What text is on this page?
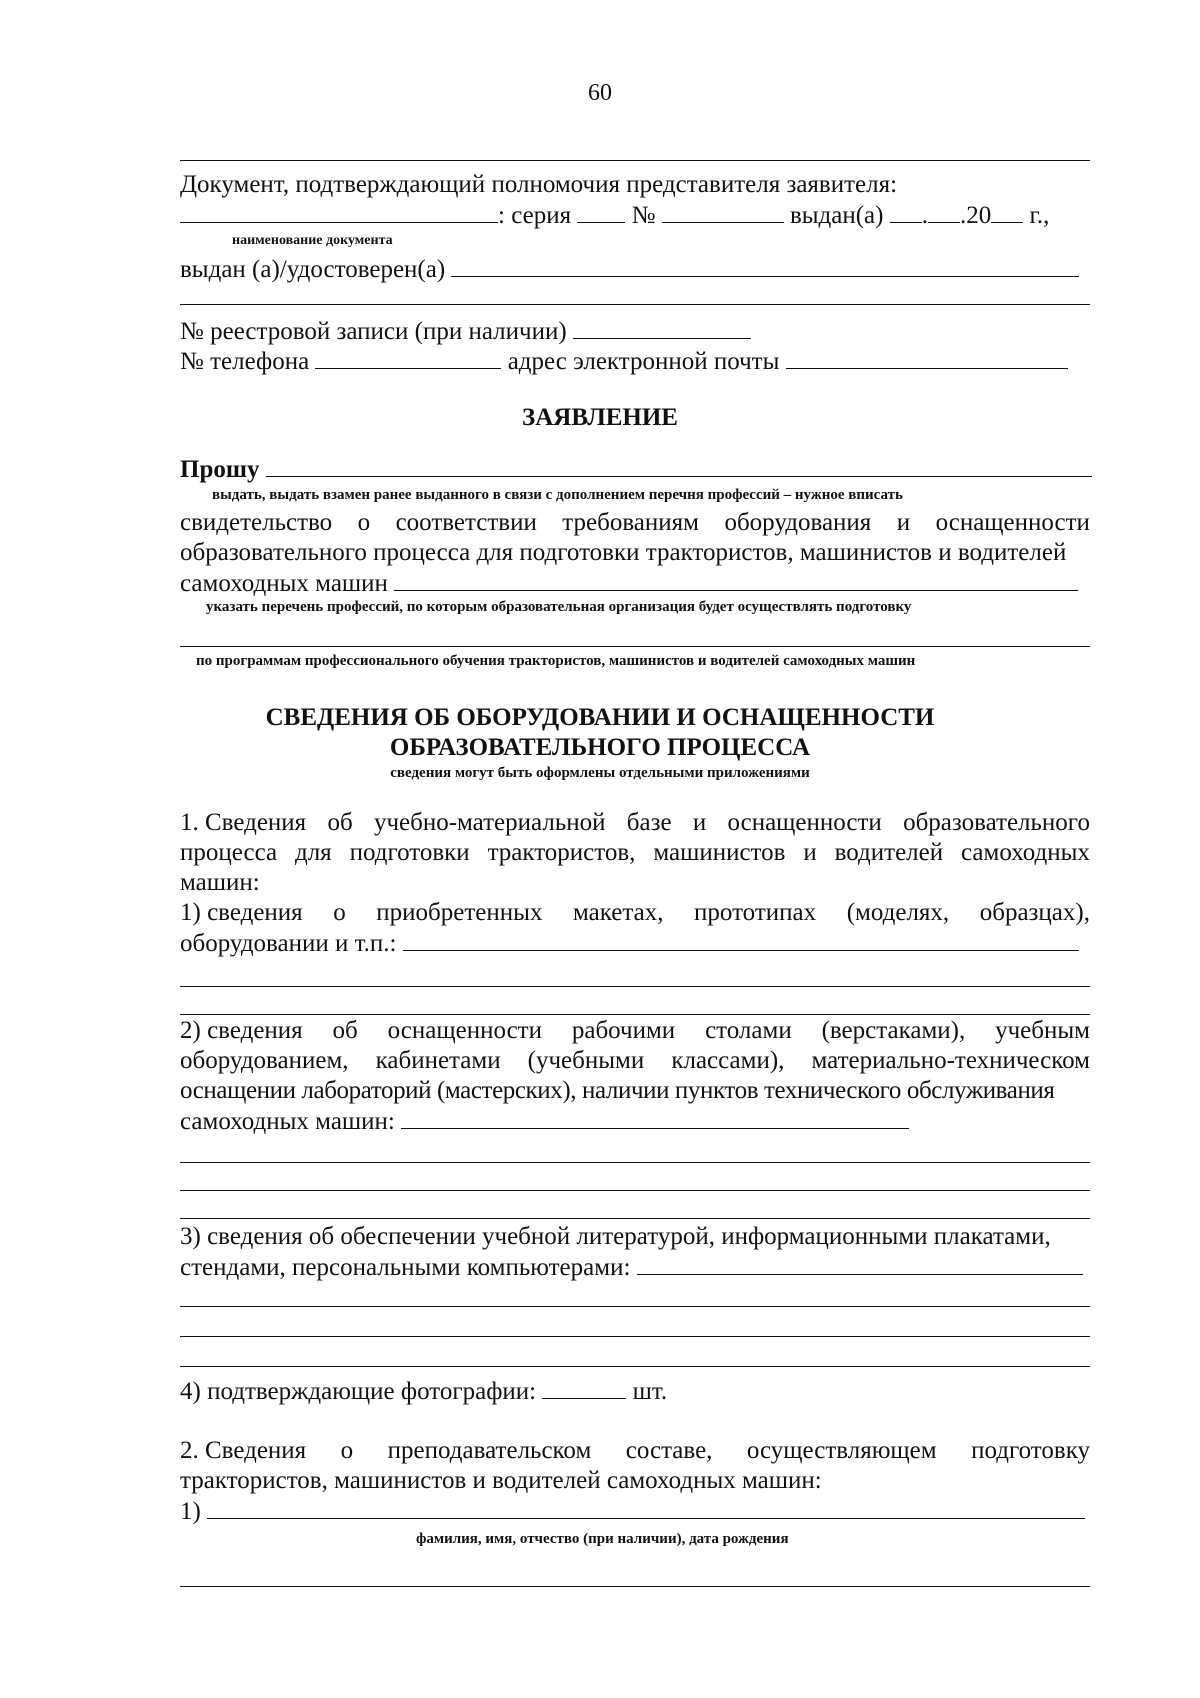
60
Документ, подтверждающий полномочия представителя заявителя:
: серия №	выдан(а) . .20 г.,
наименование документа
выдан (а)/удостоверен(а)
№ реестровой записи (при наличии)
№ телефона	адрес электронной почты
ЗАЯВЛЕНИЕ
Прошу
выдать, выдать взамен ранее выданного в связи с дополнением перечня профессий – нужное вписать
свидетельство о соответствии требованиям оборудования и оснащенности
образовательного процесса для подготовки трактористов, машинистов и водителей
самоходных машин
указать перечень профессий, по которым образовательная организация будет осуществлять подготовку
по программам профессионального обучения трактористов, машинистов и водителей самоходных машин
СВЕДЕНИЯ ОБ ОБОРУДОВАНИИ И ОСНАЩЕННОСТИ
ОБРАЗОВАТЕЛЬНОГО ПРОЦЕССА
сведения могут быть оформлены отдельными приложениями
1. Сведения об учебно-материальной базе и оснащенности образовательного
процесса для подготовки трактористов, машинистов и водителей самоходных
машин:
1) сведения о приобретенных макетах, прототипах (моделях, образцах),
оборудовании и т.п.:
2) сведения об оснащенности рабочими столами (верстаками), учебным
оборудованием, кабинетами (учебными классами), материально-техническом
оснащении лабораторий (мастерских), наличии пунктов технического обслуживания
самоходных машин:
3) сведения об обеспечении учебной литературой, информационными плакатами,
стендами, персональными компьютерами:
4) подтверждающие фотографии:	шт.
2. Сведения о преподавательском составе, осуществляющем подготовку
трактористов, машинистов и водителей самоходных машин:
1)
фамилия, имя, отчество (при наличии), дата рождения
